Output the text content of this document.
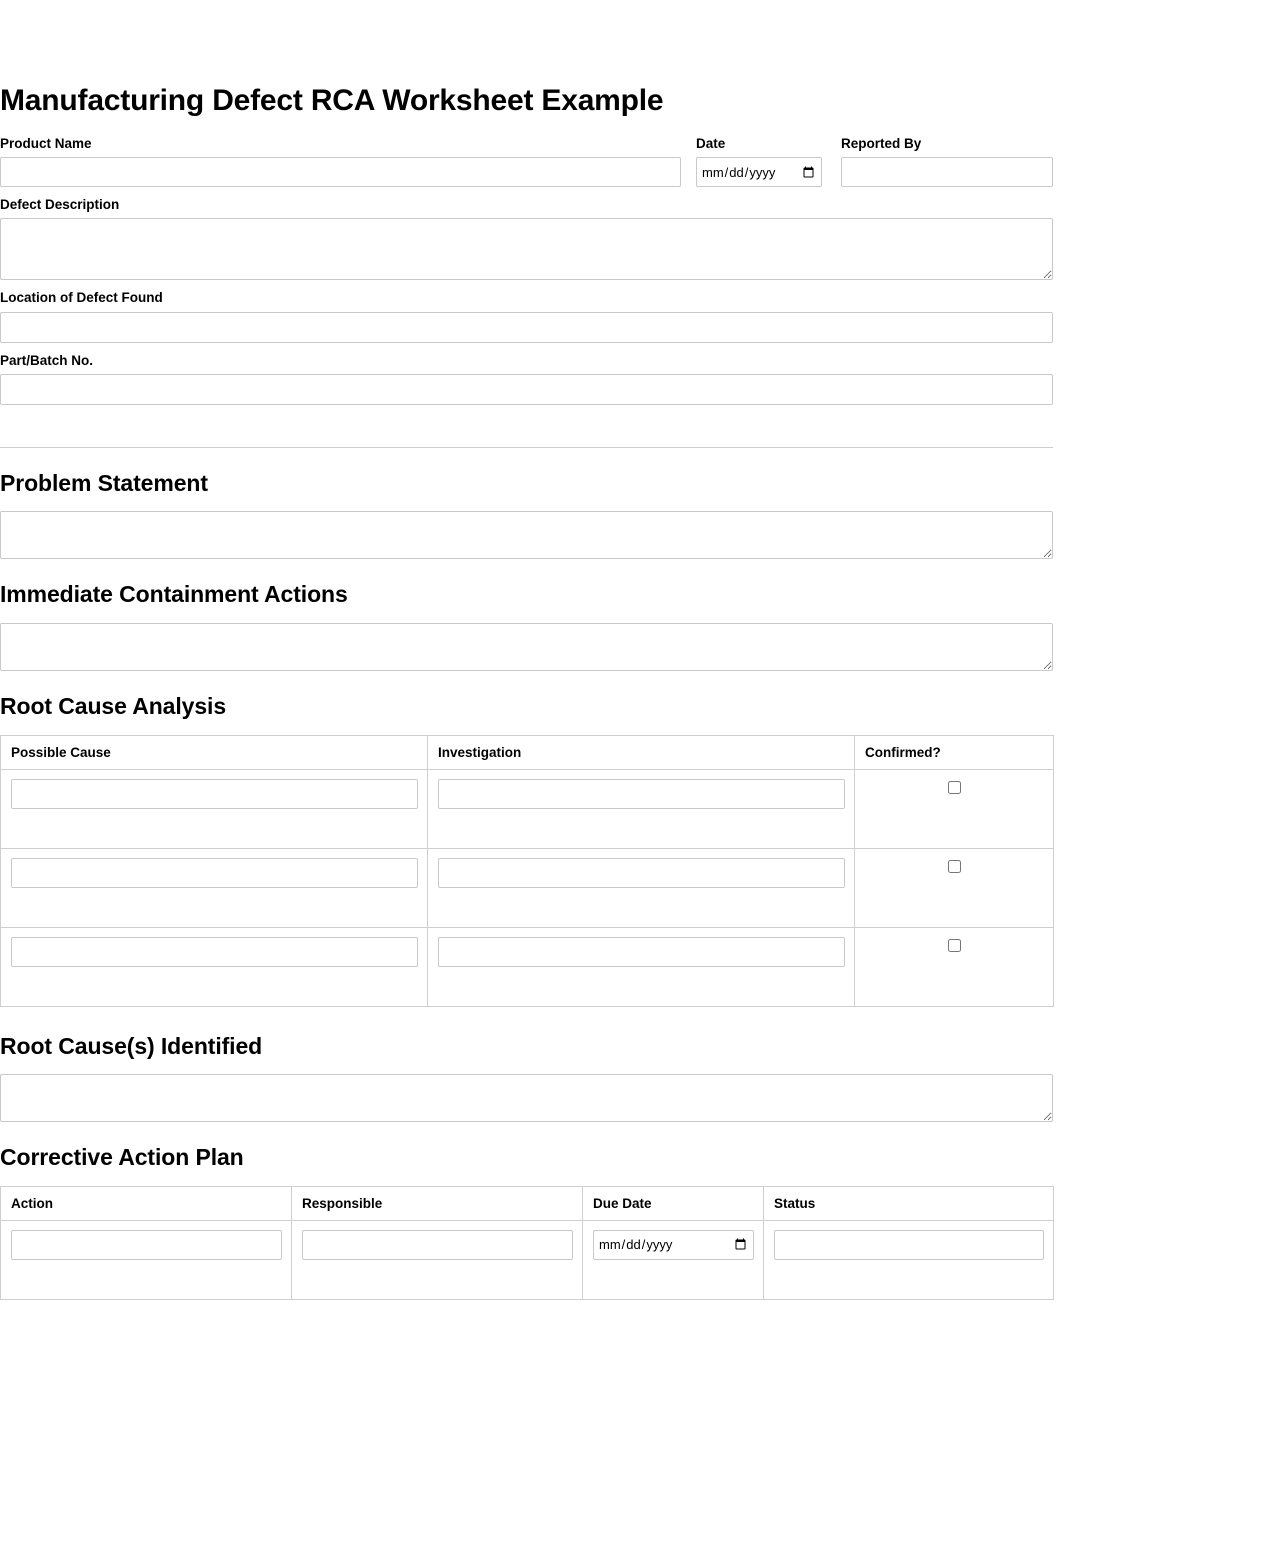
Manufacturing Defect RCA Worksheet Example
Product Name	Date	Reported By
Defect Description
Location of Defect Found
Part/Batch No.
Problem Statement
Immediate Containment Actions
Root Cause Analysis
Possible Cause	Investigation	Confirmed?

Root Cause(s) Identified
Corrective Action Plan
Action	Responsible	Due Date	Status
